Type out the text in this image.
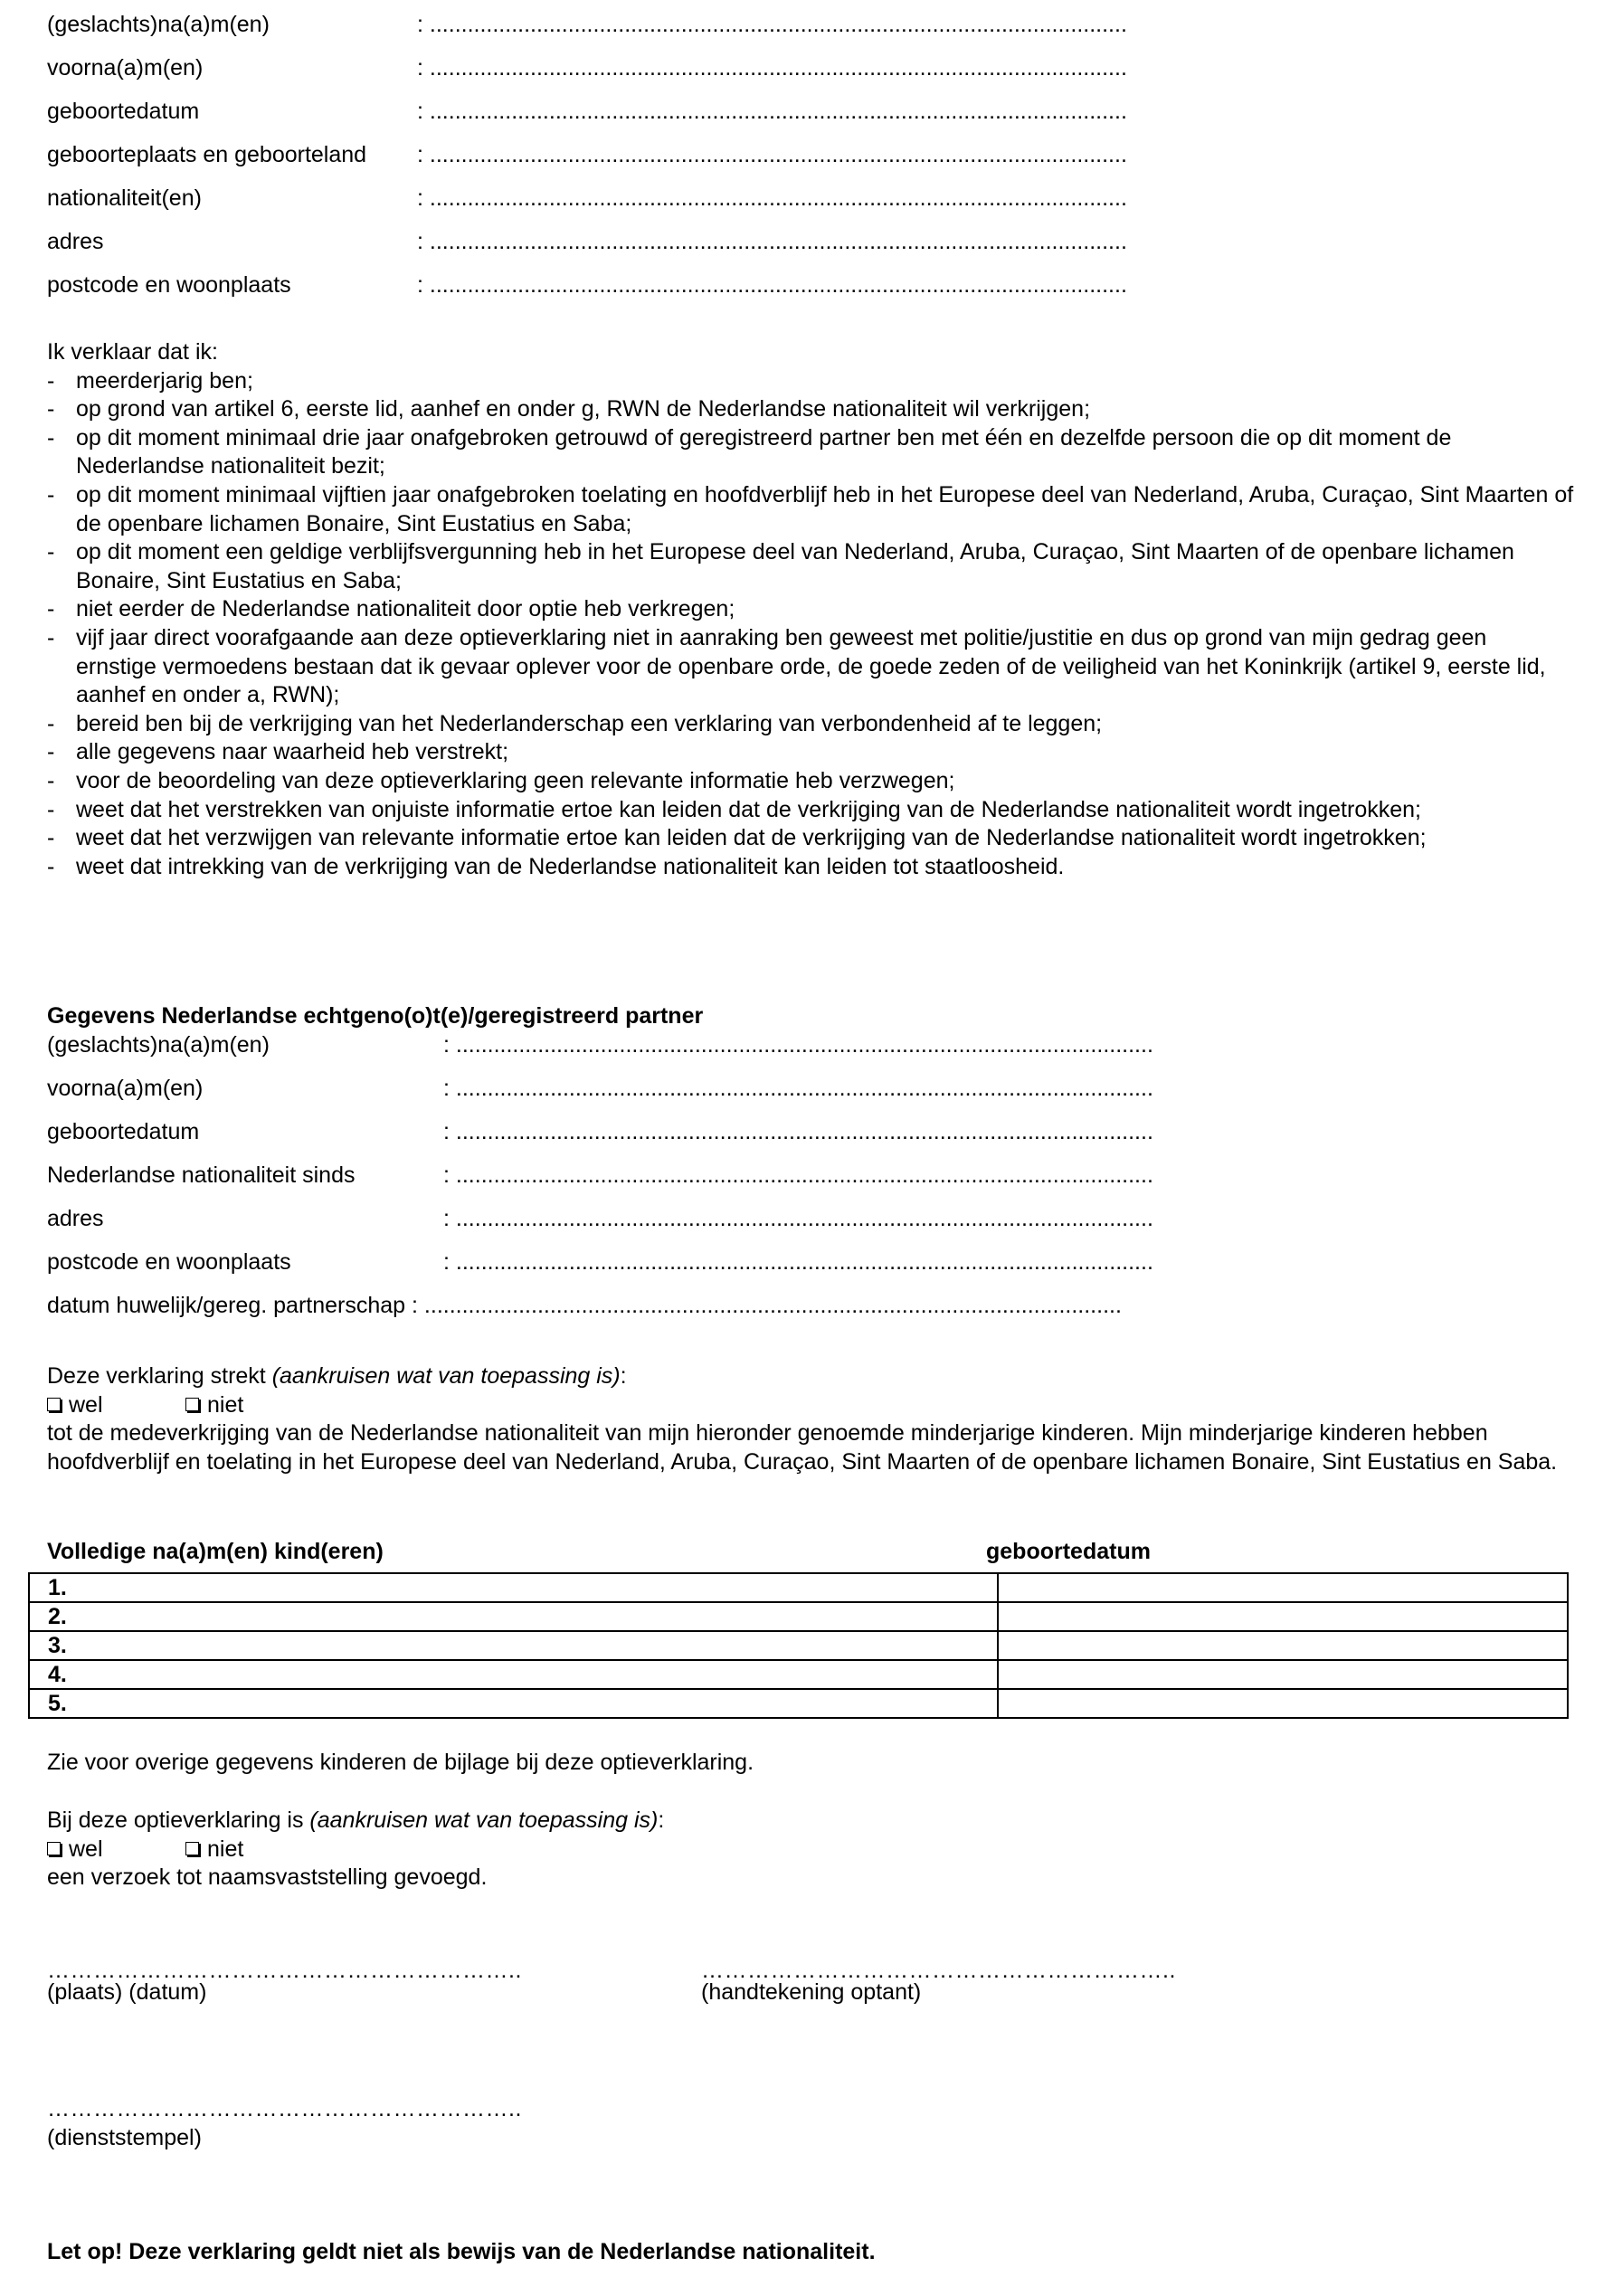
(geslachts)na(a)m(en)	: ...............................................................................................................
voorna(a)m(en)	: ...............................................................................................................
geboortedatum	: ...............................................................................................................
geboorteplaats en geboorteland : ...............................................................................................................
nationaliteit(en)	: ...............................................................................................................
adres	: ...............................................................................................................
postcode en woonplaats	: ...............................................................................................................
Ik verklaar dat ik:
- meerderjarig ben;
- op grond van artikel 6, eerste lid, aanhef en onder g, RWN de Nederlandse nationaliteit wil verkrijgen;
- op dit moment minimaal drie jaar onafgebroken getrouwd of geregistreerd partner ben met één en dezelfde persoon die op dit moment de Nederlandse nationaliteit bezit;
- op dit moment minimaal vijftien jaar onafgebroken toelating en hoofdverblijf heb in het Europese deel van Nederland, Aruba, Curaçao, Sint Maarten of de openbare lichamen Bonaire, Sint Eustatius en Saba;
- op dit moment een geldige verblijfsvergunning heb in het Europese deel van Nederland, Aruba, Curaçao, Sint Maarten of de openbare lichamen Bonaire, Sint Eustatius en Saba;
- niet eerder de Nederlandse nationaliteit door optie heb verkregen;
- vijf jaar direct voorafgaande aan deze optieverklaring niet in aanraking ben geweest met politie/justitie en dus op grond van mijn gedrag geen ernstige vermoedens bestaan dat ik gevaar oplever voor de openbare orde, de goede zeden of de veiligheid van het Koninkrijk (artikel 9, eerste lid, aanhef en onder a, RWN);
- bereid ben bij de verkrijging van het Nederlanderschap een verklaring van verbondenheid af te leggen;
- alle gegevens naar waarheid heb verstrekt;
- voor de beoordeling van deze optieverklaring geen relevante informatie heb verzwegen;
- weet dat het verstrekken van onjuiste informatie ertoe kan leiden dat de verkrijging van de Nederlandse nationaliteit wordt ingetrokken;
- weet dat het verzwijgen van relevante informatie ertoe kan leiden dat de verkrijging van de Nederlandse nationaliteit wordt ingetrokken;
- weet dat intrekking van de verkrijging van de Nederlandse nationaliteit kan leiden tot staatloosheid.
Gegevens Nederlandse echtgeno(o)t(e)/geregistreerd partner
(geslachts)na(a)m(en)	: ...............................................................................................................
voorna(a)m(en)	: ...............................................................................................................
geboortedatum	: ...............................................................................................................
Nederlandse nationaliteit sinds	: ...............................................................................................................
adres	: ...............................................................................................................
postcode en woonplaats	: ...............................................................................................................
datum huwelijk/gereg. partnerschap : ...............................................................................................................
Deze verklaring strekt (aankruisen wat van toepassing is):
wel	niet
tot de medeverkrijging van de Nederlandse nationaliteit van mijn hieronder genoemde minderjarige kinderen. Mijn minderjarige kinderen hebben hoofdverblijf en toelating in het Europese deel van Nederland, Aruba, Curaçao, Sint Maarten of de openbare lichamen Bonaire, Sint Eustatius en Saba.
Volledige na(a)m(en) kind(eren)	geboortedatum
1.	
2.	
3.	
4.	
5.	
Zie voor overige gegevens kinderen de bijlage bij deze optieverklaring.
Bij deze optieverklaring is (aankruisen wat van toepassing is):
wel	niet
een verzoek tot naamsvaststelling gevoegd.
……………………………………………………..
(plaats) (datum)
……………………………………………………..
(handtekening optant)
……………………………………………………..
(dienststempel)
Let op! Deze verklaring geldt niet als bewijs van de Nederlandse nationaliteit.
